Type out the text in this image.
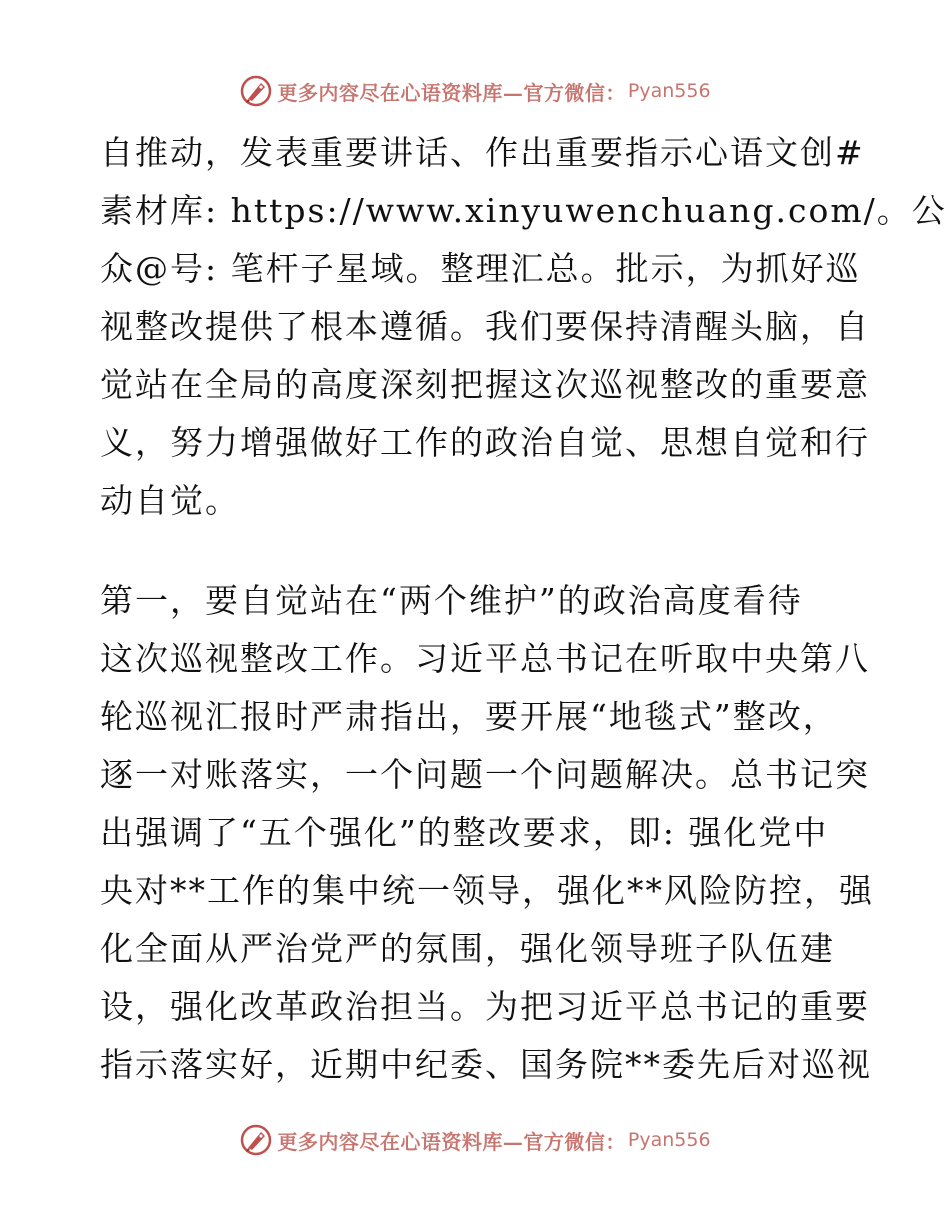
更多内容尽在心语资料库—官方微信： Pyan556
自推动，发表重要讲话、作出重要指示心语文创#
素材库: https://www.xinyuwenchuang.com/。公
众@号: 笔杆子星域。整理汇总。批示，为抓好巡
视整改提供了根本遵循。我们要保持清醒头脑，自
觉站在全局的高度深刻把握这次巡视整改的重要意
义，努力增强做好工作的政治自觉、思想自觉和行
动自觉。
第一，要自觉站在“两个维护”的政治高度看待
这次巡视整改工作。习近平总书记在听取中央第八
轮巡视汇报时严肃指出，要开展“地毯式”整改，
逐一对账落实，一个问题一个问题解决。总书记突
出强调了“五个强化”的整改要求，即: 强化党中
央对**工作的集中统一领导，强化**风险防控，强
化全面从严治党严的氛围，强化领导班子队伍建
设，强化改革政治担当。为把习近平总书记的重要
指示落实好，近期中纪委、国务院**委先后对巡视
更多内容尽在心语资料库—官方微信： Pyan556
